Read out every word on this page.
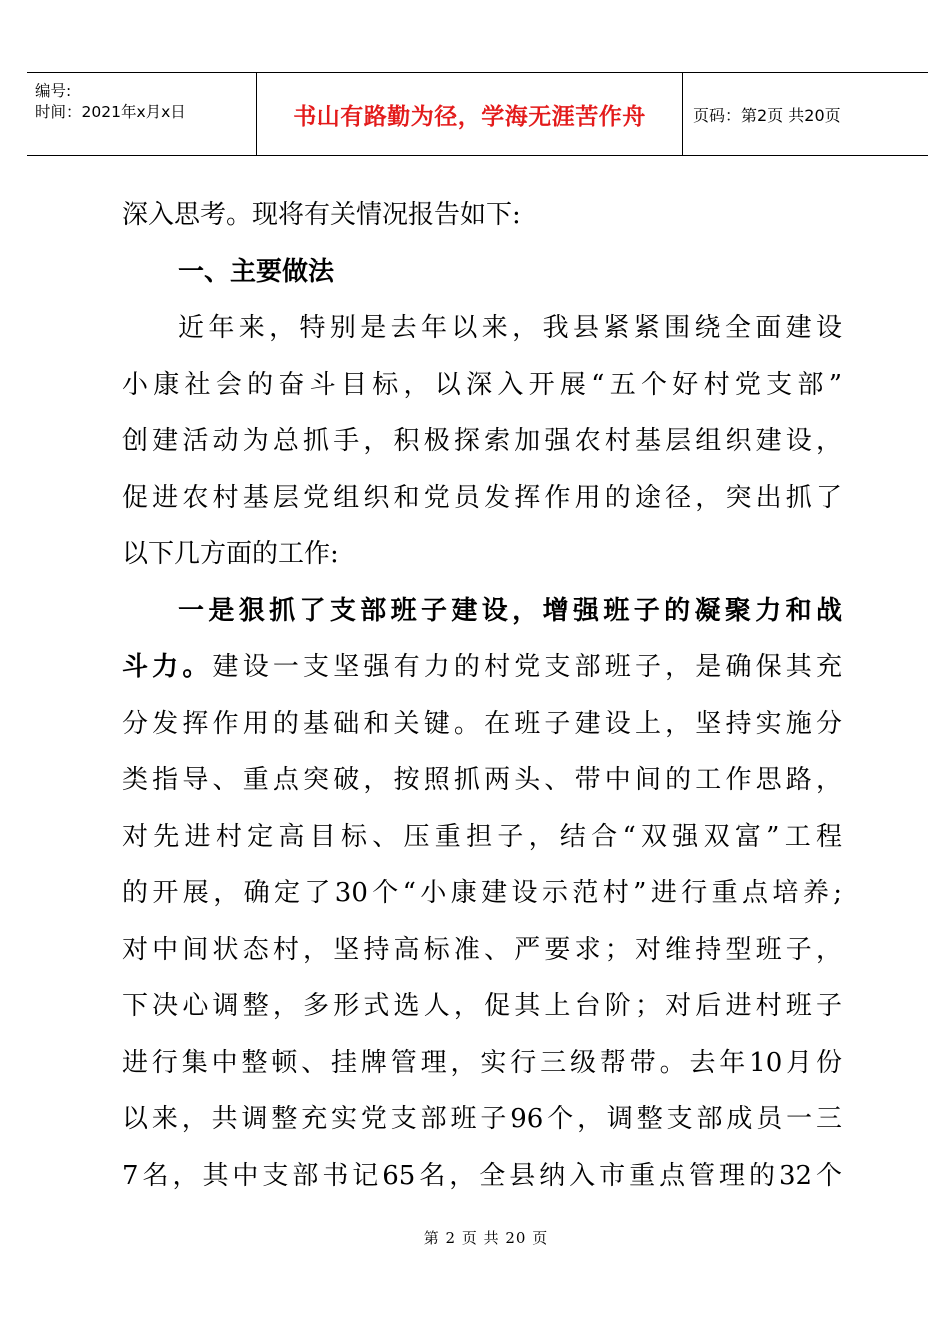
编号:
时间：2021年x月x日	书山有路勤为径，学海无涯苦作舟	页码：第2页 共20页
深入思考。现将有关情况报告如下:
一、主要做法
近年来，特别是去年以来，我县紧紧围绕全面建设
小康社会的奋斗目标，以深入开展“五个好村党支部”
创建活动为总抓手，积极探索加强农村基层组织建设，
促进农村基层党组织和党员发挥作用的途径，突出抓了
以下几方面的工作:
一是狠抓了支部班子建设，增强班子的凝聚力和战
斗力。建设一支坚强有力的村党支部班子，是确保其充
分发挥作用的基础和关键。在班子建设上，坚持实施分
类指导、重点突破，按照抓两头、带中间的工作思路，
对先进村定高目标、压重担子，结合“双强双富”工程
的开展，确定了30个“小康建设示范村”进行重点培养;
对中间状态村，坚持高标准、严要求；对维持型班子，
下决心调整，多形式选人，促其上台阶；对后进村班子
进行集中整顿、挂牌管理，实行三级帮带。去年10月份
以来，共调整充实党支部班子96个，调整支部成员一三
7名，其中支部书记65名，全县纳入市重点管理的32个
第 2 页 共 20 页
